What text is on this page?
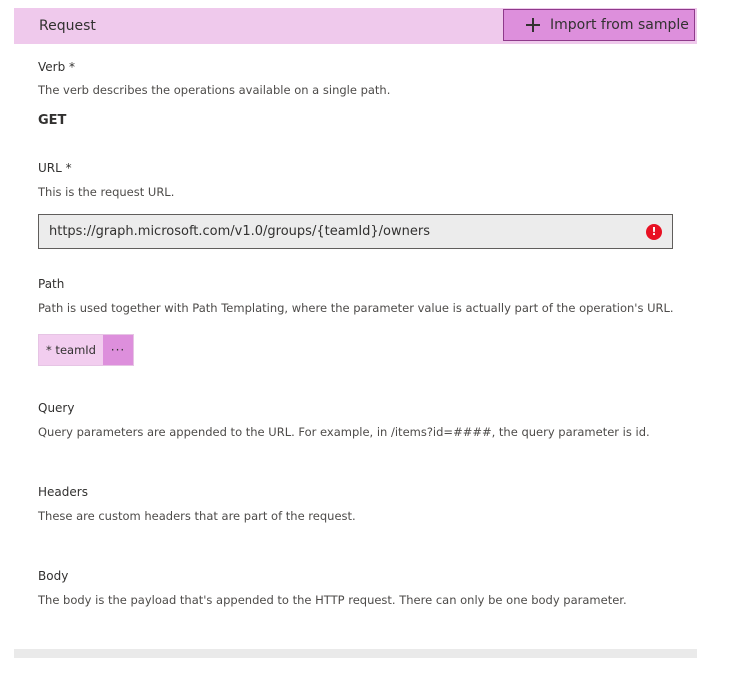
Request	Import from sample
Verb *
The verb describes the operations available on a single path.
GET
URL *
This is the request URL.
https://graph.microsoft.com/v1.0/groups/{teamId}/owners	!
Path
Path is used together with Path Templating, where the parameter value is actually part of the operation's URL.
* teamId	···
Query
Query parameters are appended to the URL. For example, in /items?id=####, the query parameter is id.
Headers
These are custom headers that are part of the request.
Body
The body is the payload that's appended to the HTTP request. There can only be one body parameter.
